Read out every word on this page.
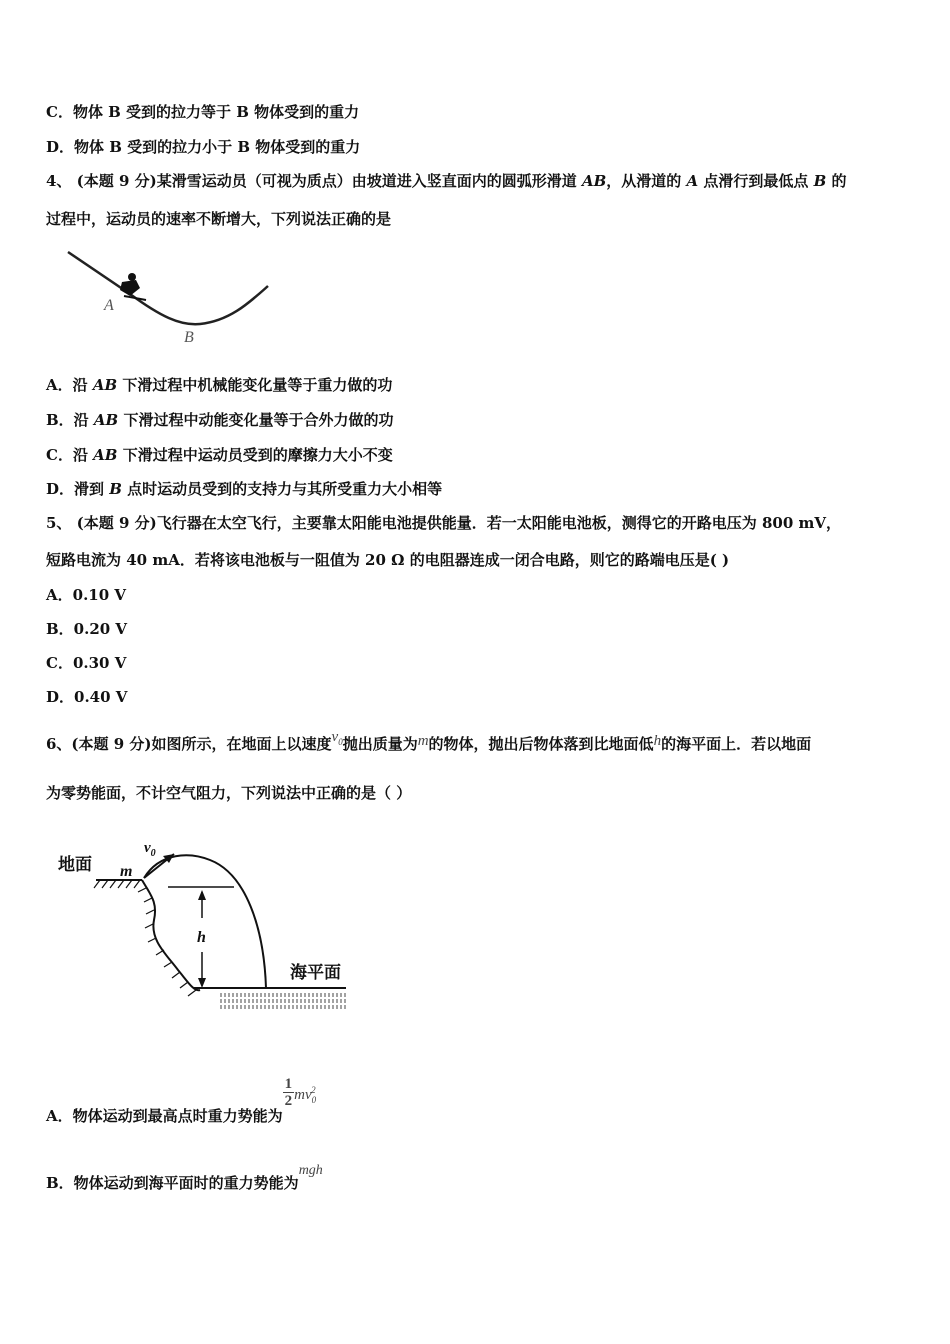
C．物体 B 受到的拉力等于 B 物体受到的重力
D．物体 B 受到的拉力小于 B 物体受到的重力
4、 (本题 9 分)某滑雪运动员（可视为质点）由坡道进入竖直面内的圆弧形滑道 AB，从滑道的 A 点滑行到最低点 B 的
过程中，运动员的速率不断增大，下列说法正确的是
A
B
A．沿 AB 下滑过程中机械能变化量等于重力做的功
B．沿 AB 下滑过程中动能变化量等于合外力做的功
C．沿 AB 下滑过程中运动员受到的摩擦力大小不变
D．滑到 B 点时运动员受到的支持力与其所受重力大小相等
5、 (本题 9 分)飞行器在太空飞行，主要靠太阳能电池提供能量．若一太阳能电池板，测得它的开路电压为 800 mV，
短路电流为 40 mA．若将该电池板与一阻值为 20 Ω 的电阻器连成一闭合电路，则它的路端电压是( )
A．0.10 V
B．0.20 V
C．0.30 V
D．0.40 V
6、(本题 9 分)如图所示，在地面上以速度$v_0$抛出质量为m的物体，抛出后物体落到比地面低h的海平面上．若以地面
为零势能面，不计空气阻力，下列说法中正确的是（ ）
地面 m
$v_0$
h
海平面
A．物体运动到最高点时重力势能为
$\frac{1}{2} mv_0^2$
B．物体运动到海平面时的重力势能为mgh
